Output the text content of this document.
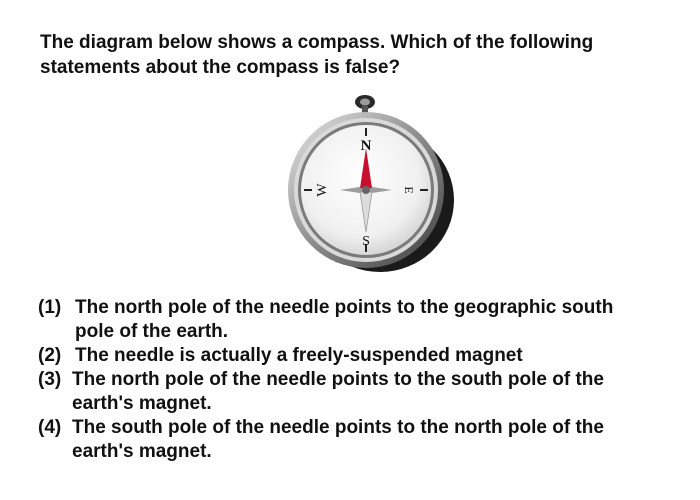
The diagram below shows a compass. Which of the following
statements about the compass is false?

N
S
E
W
(1) The north pole of the needle points to the geographic south
pole of the earth.
(2) The needle is actually a freely-suspended magnet
(3) The north pole of the needle points to the south pole of the
earth's magnet.
(4) The south pole of the needle points to the north pole of the
earth's magnet.
